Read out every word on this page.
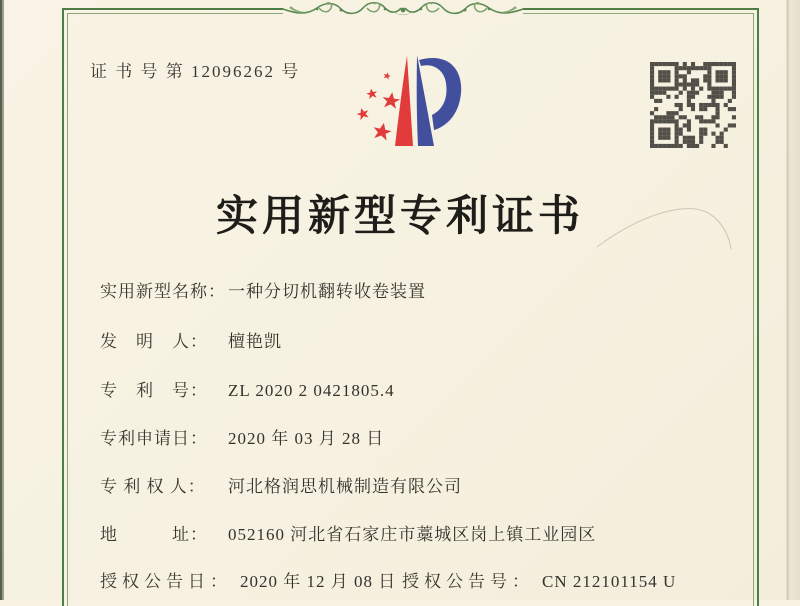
证 书 号 第 12096262 号
实用新型专利证书
实用新型名称： 一种分切机翻转收卷装置
发　明　人： 檀艳凯
专　利　号： ZL 2020 2 0421805.4
专利申请日： 2020 年 03 月 28 日
专 利 权 人： 河北格润思机械制造有限公司
地　　　址： 052160 河北省石家庄市藁城区岗上镇工业园区
授权公告日： 2020 年 12 月 08 日 授权公告号： CN 212101154 U
